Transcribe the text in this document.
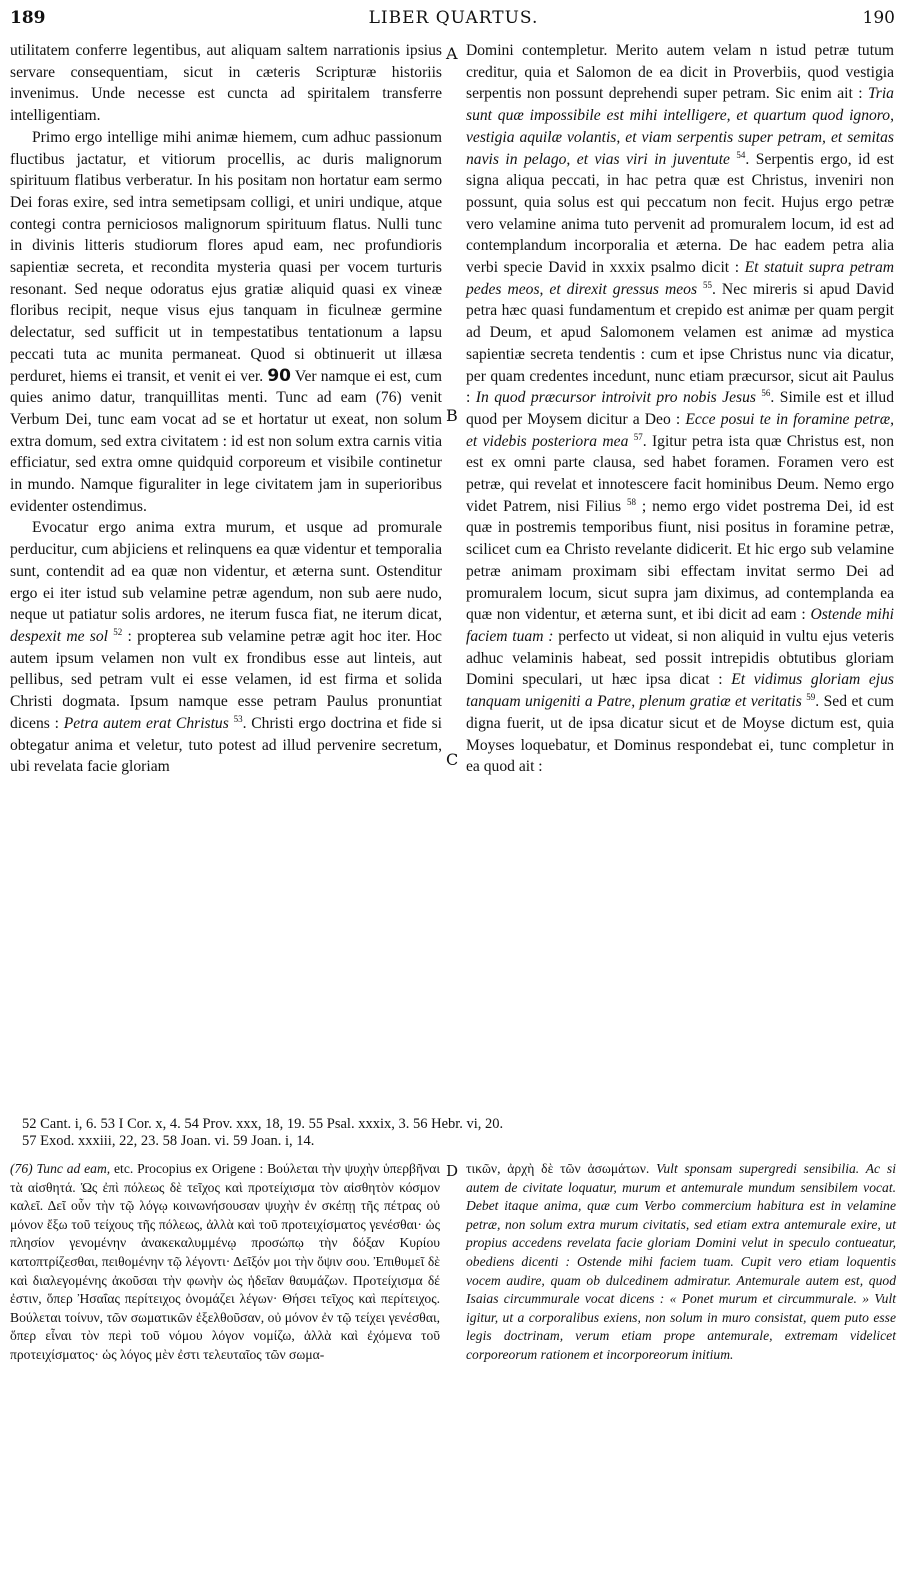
189	LIBER QUARTUS.	190

utilitatem conferre legentibus, aut aliquam saltem narrationis ipsius servare consequentiam, sicut in cæteris Scripturæ historiis invenimus. Unde necesse est cuncta ad spiritalem transferre intelligentiam.

Primo ergo intellige mihi animæ hiemem, cum adhuc passionum fluctibus jactatur, et vitiorum procellis, ac duris malignorum spirituum flatibus verberatur. In his positam non hortatur eam sermo Dei foras exire, sed intra semetipsam colligi, et uniri undique, atque contegi contra perniciosos malignorum spirituum flatus. Nulli tunc in divinis litteris studiorum flores apud eam, nec profundioris sapientiæ secreta, et recondita mysteria quasi per vocem turturis resonant. Sed neque odoratus ejus gratiæ aliquid quasi ex vineæ floribus recipit, neque visus ejus tanquam in ficulneæ germine delectatur, sed sufficit ut in tempestatibus tentationum a lapsu peccati tuta ac munita permaneat. Quod si obtinuerit ut illæsa perduret, hiems ei transit, et venit ei ver. 90 Ver namque ei est, cum quies animo datur, tranquillitas menti. Tunc ad eam (76) venit Verbum Dei, tunc eam vocat ad se et hortatur ut exeat, non solum extra domum, sed extra civitatem : id est non solum extra carnis vitia efficiatur, sed extra omne quidquid corporeum et visibile continetur in mundo. Namque figuraliter in lege civitatem jam in superioribus evidenter ostendimus.

Evocatur ergo anima extra murum, et usque ad promurale perducitur, cum abjiciens et relinquens ea quæ videntur et temporalia sunt, contendit ad ea quæ non videntur, et æterna sunt. Ostenditur ergo ei iter istud sub velamine petræ agendum, non sub aere nudo, neque ut patiatur solis ardores, ne iterum fusca fiat, ne iterum dicat, despexit me sol $^{52}$ : propterea sub velamine petræ agit hoc iter. Hoc autem ipsum velamen non vult ex frondibus esse aut linteis, aut pellibus, sed petram vult ei esse velamen, id est firma et solida Christi dogmata. Ipsum namque esse petram Paulus pronuntiat dicens : Petra autem erat Christus $^{53}$. Christi ergo doctrina et fide si obtegatur anima et veletur, tuto potest ad illud pervenire secretum, ubi revelata facie gloriam

A
B
C

Domini contempletur. Merito autem velam n istud petræ tutum creditur, quia et Salomon de ea dicit in Proverbiis, quod vestigia serpentis non possunt deprehendi super petram. Sic enim ait : Tria sunt quæ impossibile est mihi intelligere, et quartum quod ignoro, vestigia aquilæ volantis, et viam serpentis super petram, et semitas navis in pelago, et vias viri in juventute $^{54}$. Serpentis ergo, id est signa aliqua peccati, in hac petra quæ est Christus, inveniri non possunt, quia solus est qui peccatum non fecit. Hujus ergo petræ vero velamine anima tuto pervenit ad promuralem locum, id est ad contemplandum incorporalia et æterna. De hac eadem petra alia verbi specie David in xxxix psalmo dicit : Et statuit supra petram pedes meos, et direxit gressus meos $^{55}$. Nec mireris si apud David petra hæc quasi fundamentum et crepido est animæ per quam pergit ad Deum, et apud Salomonem velamen est animæ ad mystica sapientiæ secreta tendentis : cum et ipse Christus nunc via dicatur, per quam credentes incedunt, nunc etiam præcursor, sicut ait Paulus : In quod præcursor introivit pro nobis Jesus $^{56}$. Simile est et illud quod per Moysem dicitur a Deo : Ecce posui te in foramine petræ, et videbis posteriora mea $^{57}$. Igitur petra ista quæ Christus est, non est ex omni parte clausa, sed habet foramen. Foramen vero est petræ, qui revelat et innotescere facit hominibus Deum. Nemo ergo videt Patrem, nisi Filius $^{58}$ ; nemo ergo videt postrema Dei, id est quæ in postremis temporibus fiunt, nisi positus in foramine petræ, scilicet cum ea Christo revelante didicerit. Et hic ergo sub velamine petræ animam proximam sibi effectam invitat sermo Dei ad promuralem locum, sicut supra jam diximus, ad contemplanda ea quæ non videntur, et æterna sunt, et ibi dicit ad eam : Ostende mihi faciem tuam : perfecto ut videat, si non aliquid in vultu ejus veteris adhuc velaminis habeat, sed possit intrepidis obtutibus gloriam Domini speculari, ut hæc ipsa dicat : Et vidimus gloriam ejus tanquam unigeniti a Patre, plenum gratiæ et veritatis $^{59}$. Sed et cum digna fuerit, ut de ipsa dicatur sicut et de Moyse dictum est, quia Moyses loquebatur, et Dominus respondebat ei, tunc completur in ea quod ait :

52 Cant. i, 6. 53 I Cor. x, 4. 54 Prov. xxx, 18, 19. 55 Psal. xxxix, 3. 56 Hebr. vi, 20.
57 Exod. xxxiii, 22, 23. 58 Joan. vi. 59 Joan. i, 14.

(76) Tunc ad eam, etc. Procopius ex Origene : Βούλεται τὴν ψυχὴν ὑπερβῆναι τὰ αἰσθητά. Ὡς ἐπὶ πόλεως δὲ τεῖχος καὶ προτείχισμα τὸν αἰσθητὸν κόσμον καλεῖ. Δεῖ οὖν τὴν τῷ λόγῳ κοινωνήσουσαν ψυχὴν ἐν σκέπῃ τῆς πέτρας οὐ μόνον ἔξω τοῦ τείχους τῆς πόλεως, ἀλλὰ καὶ τοῦ προτειχίσματος γενέσθαι· ὡς πλησίον γενομένην ἀνακεκαλυμμένῳ προσώπῳ τὴν δόξαν Κυρίου κατοπτρίζεσθαι, πειθομένην τῷ λέγοντι· Δεῖξόν μοι τὴν ὄψιν σου. Ἐπιθυμεῖ δὲ καὶ διαλεγομένης ἀκοῦσαι τὴν φωνὴν ὡς ἡδεῖαν θαυμάζων. Προτείχισμα δέ ἐστιν, ὅπερ Ἠσαΐας περίτειχος ὀνομάζει λέγων· Θήσει τεῖχος καὶ περίτειχος. Βούλεται τοίνυν, τῶν σωματικῶν ἐξελθοῦσαν, οὐ μόνον ἐν τῷ τείχει γενέσθαι, ὅπερ εἶναι τὸν περὶ τοῦ νόμου λόγον νομίζω, ἀλλὰ καὶ ἐχόμενα τοῦ προτειχίσματος· ὡς λόγος μὲν ἐστι τελευταῖος τῶν σωμα-

D τικῶν, ἀρχὴ δὲ τῶν ἀσωμάτων. Vult sponsam supergredi sensibilia. Ac si autem de civitate loquatur, murum et antemurale mundum sensibilem vocat. Debet itaque anima, quæ cum Verbo commercium habitura est in velamine petræ, non solum extra murum civitatis, sed etiam extra antemurale exire, ut propius accedens revelata facie gloriam Domini velut in speculo contueatur, obediens dicenti : Ostende mihi faciem tuam. Cupit vero etiam loquentis vocem audire, quam ob dulcedinem admiratur. Antemurale autem est, quod Isaias circummurale vocat dicens : « Ponet murum et circummurale. » Vult igitur, ut a corporalibus exiens, non solum in muro consistat, quem puto esse legis doctrinam, verum etiam prope antemurale, extremam videlicet corporeorum rationem et incorporeorum initium.
